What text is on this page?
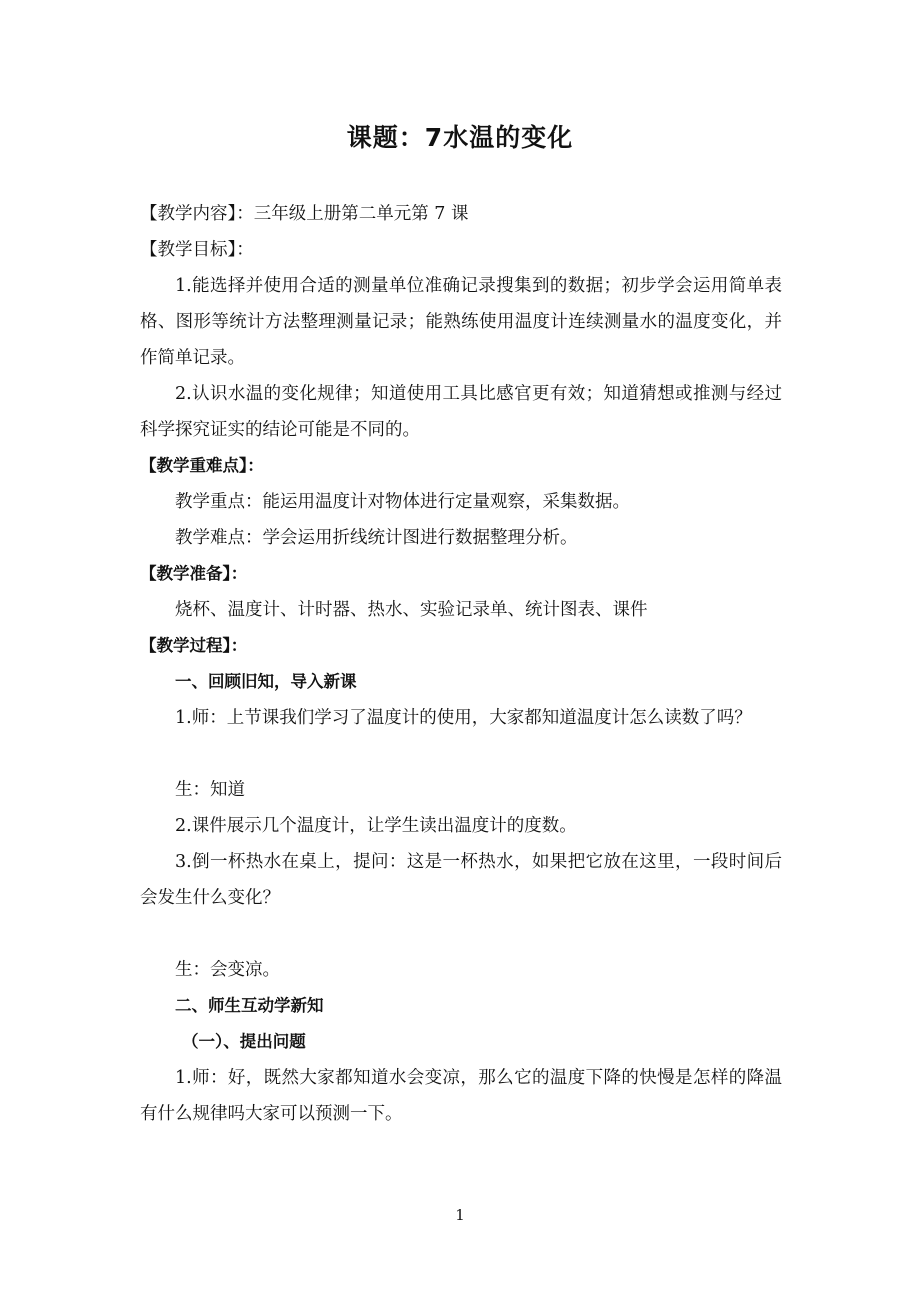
课题：7水温的变化

【教学内容】：三年级上册第二单元第 7 课

【教学目标】：

1.能选择并使用合适的测量单位准确记录搜集到的数据；初步学会运用简单表格、图形等统计方法整理测量记录；能熟练使用温度计连续测量水的温度变化，并作简单记录。

2.认识水温的变化规律；知道使用工具比感官更有效；知道猜想或推测与经过科学探究证实的结论可能是不同的。

【教学重难点】：

教学重点：能运用温度计对物体进行定量观察，采集数据。

教学难点：学会运用折线统计图进行数据整理分析。

【教学准备】：

烧杯、温度计、计时器、热水、实验记录单、统计图表、课件

【教学过程】：

一、回顾旧知，导入新课

1.师：上节课我们学习了温度计的使用，大家都知道温度计怎么读数了吗？

生：知道

2.课件展示几个温度计，让学生读出温度计的度数。

3.倒一杯热水在桌上，提问：这是一杯热水，如果把它放在这里，一段时间后会发生什么变化？

生：会变凉。

二、师生互动学新知

（一）、提出问题

1.师：好，既然大家都知道水会变凉，那么它的温度下降的快慢是怎样的降温有什么规律吗大家可以预测一下。

1
